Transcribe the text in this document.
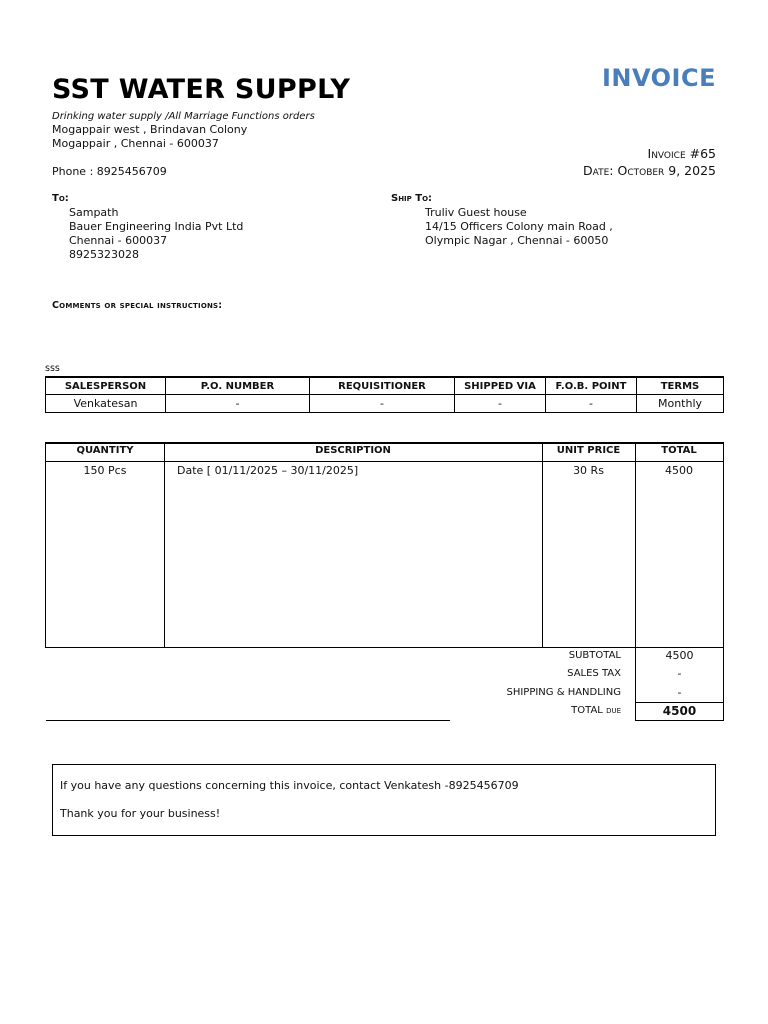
SST WATER SUPPLY
Drinking water supply /All Marriage Functions orders
Mogappair west , Brindavan Colony
Mogappair , Chennai - 600037
Phone : 8925456709
INVOICE
Invoice #65
Date: October 9, 2025
To:
Sampath
Bauer Engineering India Pvt Ltd
Chennai - 600037
8925323028
Ship To:
Truliv Guest house
14/15 Officers Colony main Road ,
Olympic Nagar , Chennai - 60050
Comments or special instructions:
sss
SALESPERSON	P.O. NUMBER	REQUISITIONER	SHIPPED VIA	F.O.B. POINT	TERMS
Venkatesan	-	-	-	-	Monthly
QUANTITY	DESCRIPTION	UNIT PRICE	TOTAL
150 Pcs	Date [ 01/11/2025 – 30/11/2025]	30 Rs	4500
SUBTOTAL	4500
SALES TAX	-
SHIPPING & HANDLING	-
TOTAL due	4500
If you have any questions concerning this invoice, contact Venkatesh -8925456709
Thank you for your business!
